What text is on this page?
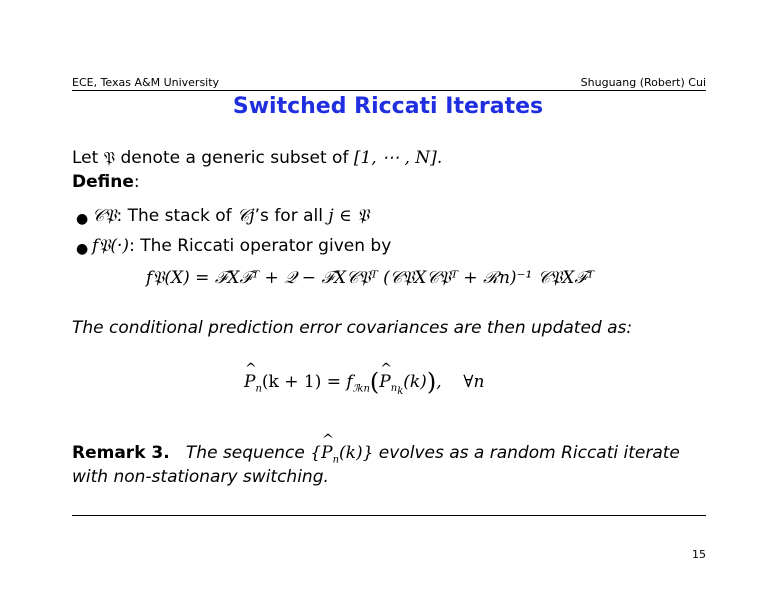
ECE, Texas A&M University	Shuguang (Robert) Cui
Switched Riccati Iterates
Let 𝔓 denote a generic subset of [1, ⋯ , N].
Define:
● 𝒞𝔓: The stack of 𝒞j’s for all j ∈ 𝔓
● f𝔓(·): The Riccati operator given by
f𝔓(X) = ℱXℱᵀ + 𝒬 − ℱX𝒞𝔓ᵀ (𝒞𝔓X𝒞𝔓ᵀ + ℛn)⁻¹ 𝒞𝔓Xℱᵀ
The conditional prediction error covariances are then updated as:
^ $P_n(k + 1)$ = $f_{ℐkn}(\^{}$ $P_{n_k}(k)$),    ∀n
Remark 3. The sequence {^ $P_n(k)$} evolves as a random Riccati iterate
with non-stationary switching.
15
